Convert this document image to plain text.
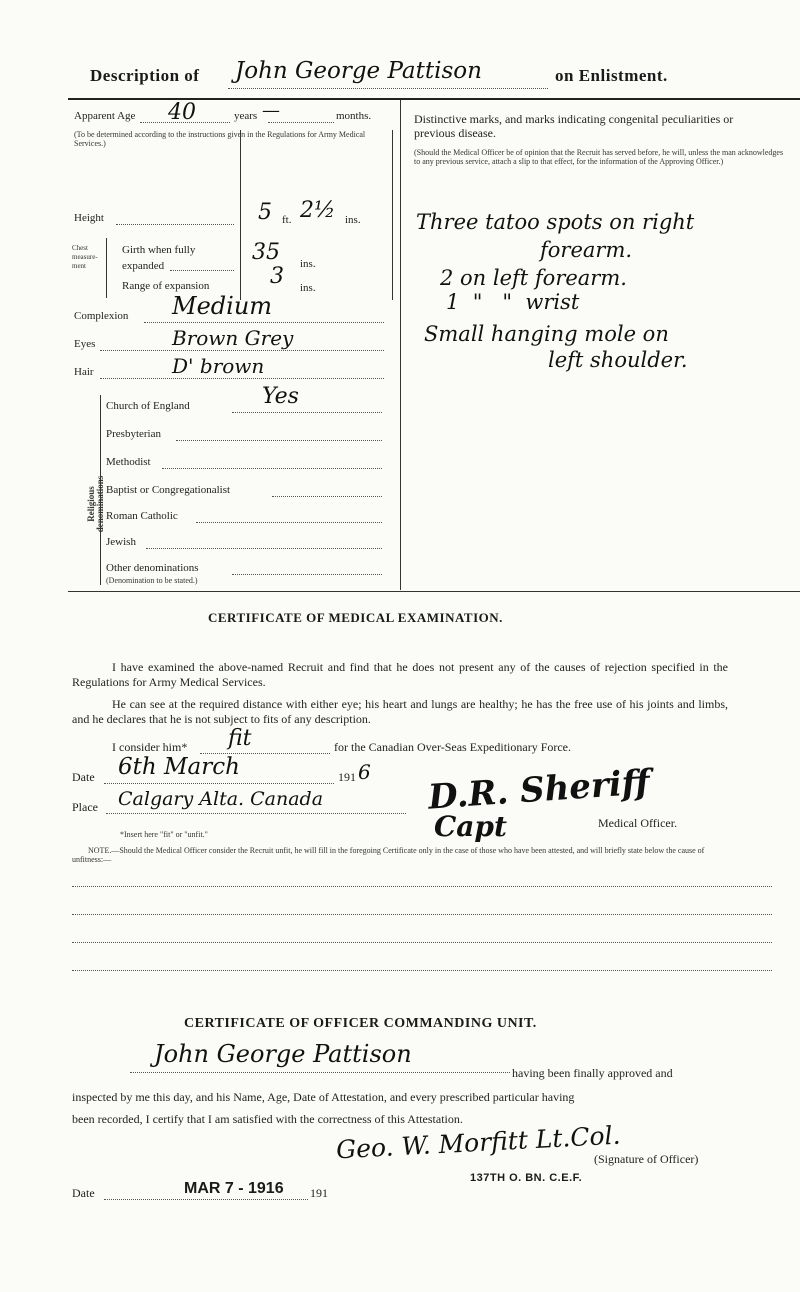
Description of John George Pattison	on Enlistment.
Apparent Age 40	years —	months.
(To be determined according to the instructions given in the Regulations for Army Medical Services.)
Height	5 ft. 2½ ins.
Chest measure-ment
Girth when fully expanded
35 ins.
Range of expansion	3 ins.
Complexion Medium
Eyes	Brown Grey
Hair	D' brown
Religious denominations
Church of England	Yes
Presbyterian
Methodist
Baptist or Congregationalist
Roman Catholic
Jewish
Other denominations
(Denomination to be stated.)
Distinctive marks, and marks indicating congenital peculiarities or previous disease.
(Should the Medical Officer be of opinion that the Recruit has served before, he will, unless the man acknowledges to any previous service, attach a slip to that effect, for the information of the Approving Officer.)
Three tatoo spots on right
forearm.
2 on left forearm.
1  "   "  wrist
Small hanging mole on
left shoulder.
CERTIFICATE OF MEDICAL EXAMINATION.
I have examined the above-named Recruit and find that he does not present any of the causes of rejection specified in the Regulations for Army Medical Services.
He can see at the required distance with either eye; his heart and lungs are healthy; he has the free use of his joints and limbs, and he declares that he is not subject to fits of any description.
I consider him* fit	for the Canadian Over-Seas Expeditionary Force.
Date 6th March	191 6
Place Calgary Alta. Canada	D.R. Sheriff
Capt	Medical Officer.
*Insert here "fit" or "unfit."
NOTE.—Should the Medical Officer consider the Recruit unfit, he will fill in the foregoing Certificate only in the case of those who have been attested, and will briefly state below the cause of unfitness:—
CERTIFICATE OF OFFICER COMMANDING UNIT.
John George Pattison
having been finally approved and
inspected by me this day, and his Name, Age, Date of Attestation, and every prescribed particular having
been recorded, I certify that I am satisfied with the correctness of this Attestation.
Geo. W. Morfitt Lt.Col.
(Signature of Officer)
137TH O. BN. C.E.F.
Date	MAR 7 - 1916 191
